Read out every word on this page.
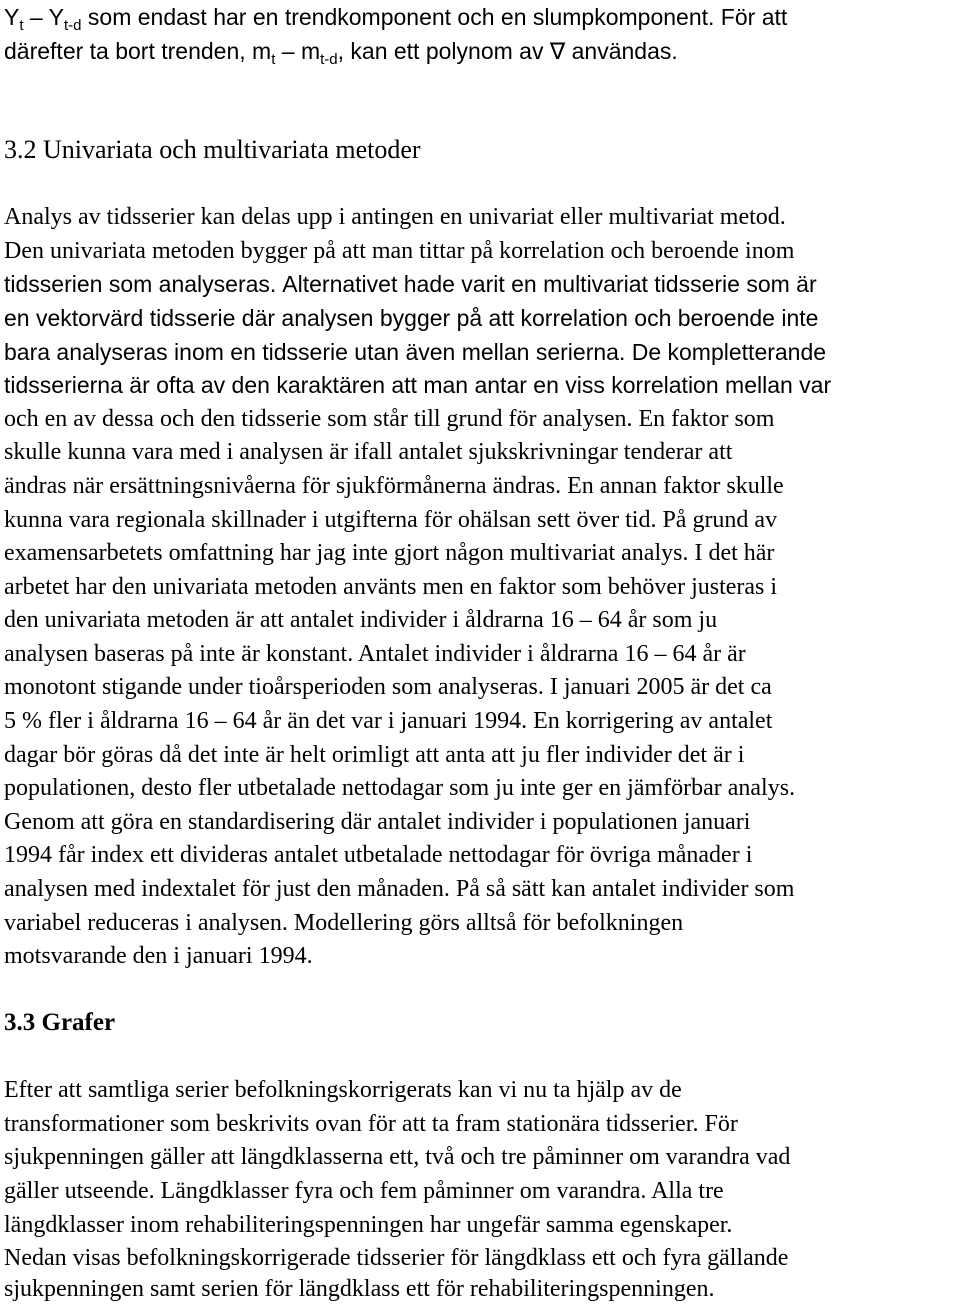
$Y_t - Y_{t-d}$ som endast har en trendkomponent och en slumpkomponent. För att
därefter ta bort trenden, $m_t - m_{t-d}$, kan ett polynom av ∇ användas.
3.2 Univariata och multivariata metoder
Analys av tidsserier kan delas upp i antingen en univariat eller multivariat metod.
Den univariata metoden bygger på att man tittar på korrelation och beroende inom
tidsserien som analyseras. Alternativet hade varit en multivariat tidsserie som är
en vektorvärd tidsserie där analysen bygger på att korrelation och beroende inte
bara analyseras inom en tidsserie utan även mellan serierna. De kompletterande
tidsserierna är ofta av den karaktären att man antar en viss korrelation mellan var
och en av dessa och den tidsserie som står till grund för analysen. En faktor som
skulle kunna vara med i analysen är ifall antalet sjukskrivningar tenderar att
ändras när ersättningsnivåerna för sjukförmånerna ändras. En annan faktor skulle
kunna vara regionala skillnader i utgifterna för ohälsan sett över tid. På grund av
examensarbetets omfattning har jag inte gjort någon multivariat analys. I det här
arbetet har den univariata metoden använts men en faktor som behöver justeras i
den univariata metoden är att antalet individer i åldrarna 16 – 64 år som ju
analysen baseras på inte är konstant. Antalet individer i åldrarna 16 – 64 år är
monotont stigande under tioårsperioden som analyseras. I januari 2005 är det ca
5 % fler i åldrarna 16 – 64 år än det var i januari 1994. En korrigering av antalet
dagar bör göras då det inte är helt orimligt att anta att ju fler individer det är i
populationen, desto fler utbetalade nettodagar som ju inte ger en jämförbar analys.
Genom att göra en standardisering där antalet individer i populationen januari
1994 får index ett divideras antalet utbetalade nettodagar för övriga månader i
analysen med indextalet för just den månaden. På så sätt kan antalet individer som
variabel reduceras i analysen. Modellering görs alltså för befolkningen
motsvarande den i januari 1994.
3.3 Grafer
Efter att samtliga serier befolkningskorrigerats kan vi nu ta hjälp av de
transformationer som beskrivits ovan för att ta fram stationära tidsserier. För
sjukpenningen gäller att längdklasserna ett, två och tre påminner om varandra vad
gäller utseende. Längdklasser fyra och fem påminner om varandra. Alla tre
längdklasser inom rehabiliteringspenningen har ungefär samma egenskaper.
Nedan visas befolkningskorrigerade tidsserier för längdklass ett och fyra gällande
sjukpenningen samt serien för längdklass ett för rehabiliteringspenningen.
